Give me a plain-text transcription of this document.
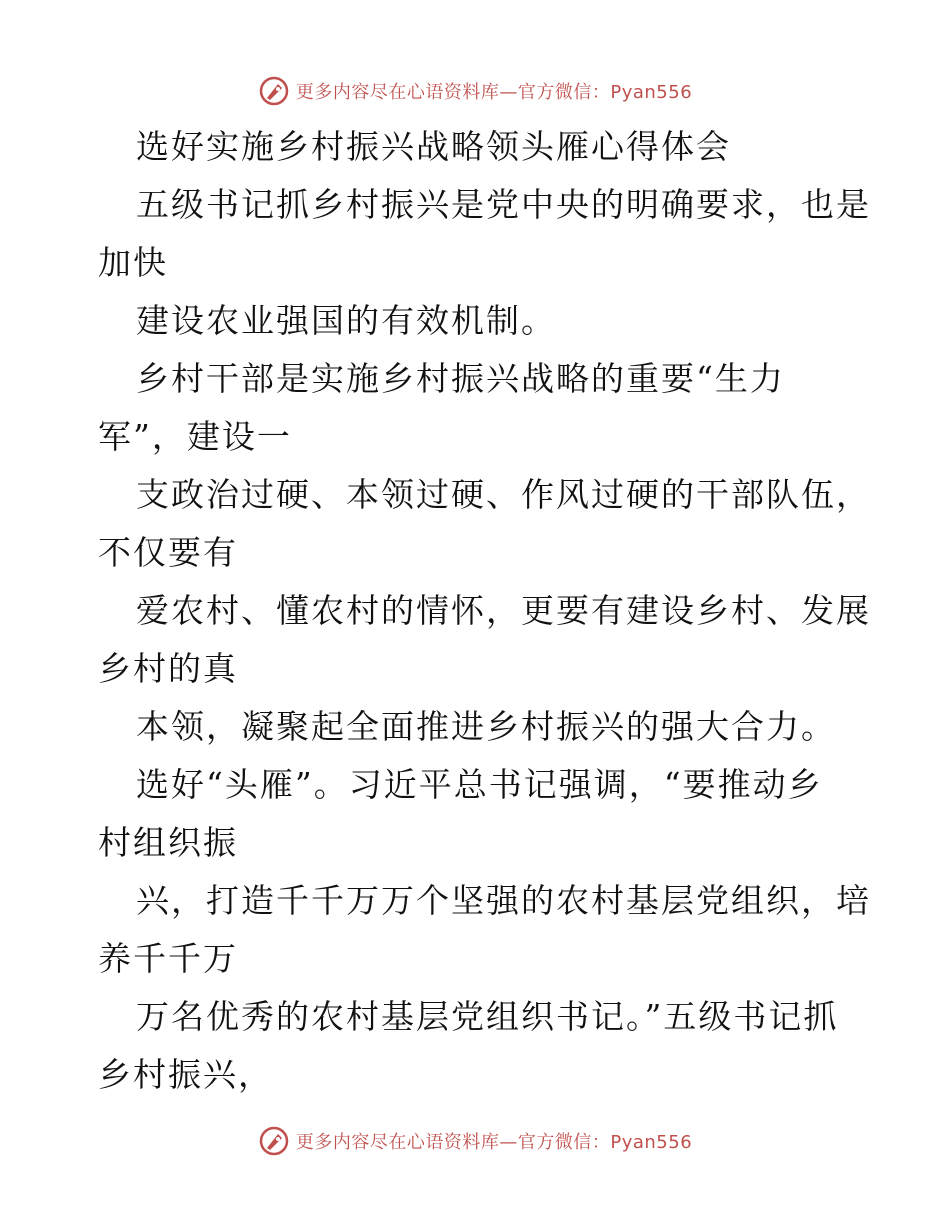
更多内容尽在心语资料库—官方微信：Pyan556
选好实施乡村振兴战略领头雁心得体会
五级书记抓乡村振兴是党中央的明确要求，也是
加快
建设农业强国的有效机制。
乡村干部是实施乡村振兴战略的重要“生力
军”，建设一
支政治过硬、本领过硬、作风过硬的干部队伍，
不仅要有
爱农村、懂农村的情怀，更要有建设乡村、发展
乡村的真
本领，凝聚起全面推进乡村振兴的强大合力。
选好“头雁”。习近平总书记强调，“要推动乡
村组织振
兴，打造千千万万个坚强的农村基层党组织，培
养千千万
万名优秀的农村基层党组织书记。”五级书记抓
乡村振兴，
更多内容尽在心语资料库—官方微信：Pyan556
